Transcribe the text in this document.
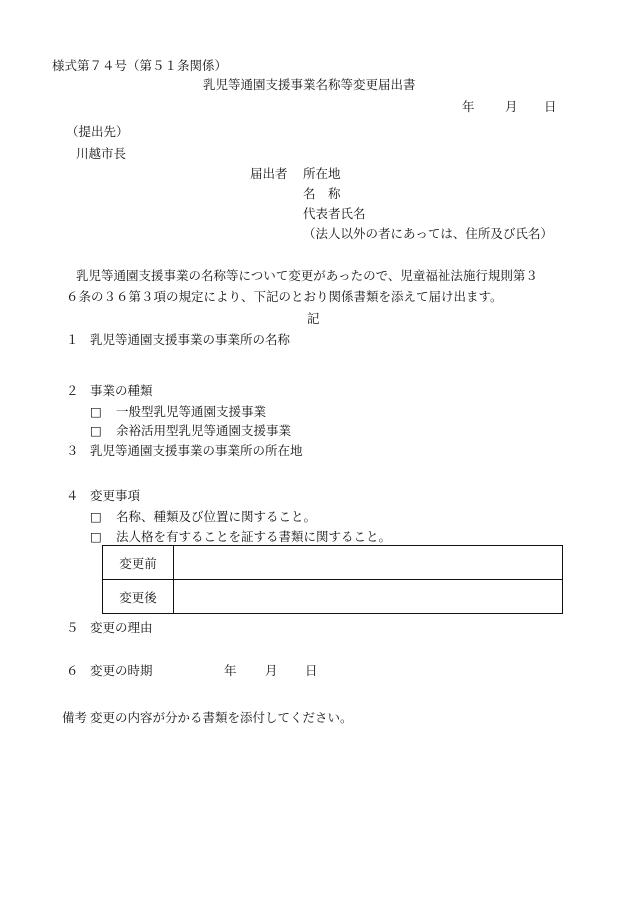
様式第７４号（第５１条関係）
乳児等通園支援事業名称等変更届出書
年 月 日
（提出先）
川越市長
届出者 所在地
名　称
代表者氏名
（法人以外の者にあっては、住所及び氏名）
乳児等通園支援事業の名称等について変更があったので、児童福祉法施行規則第３
６条の３６第３項の規定により、下記のとおり関係書類を添えて届け出ます。
記
１ 乳児等通園支援事業の事業所の名称
２ 事業の種類
□ 一般型乳児等通園支援事業
□ 余裕活用型乳児等通園支援事業
３ 乳児等通園支援事業の事業所の所在地
４ 変更事項
□ 名称、種類及び位置に関すること。
□ 法人格を有することを証する書類に関すること。
変更前	
変更後	
５ 変更の理由
６ 変更の時期	年 月 日
備考 変更の内容が分かる書類を添付してください。
